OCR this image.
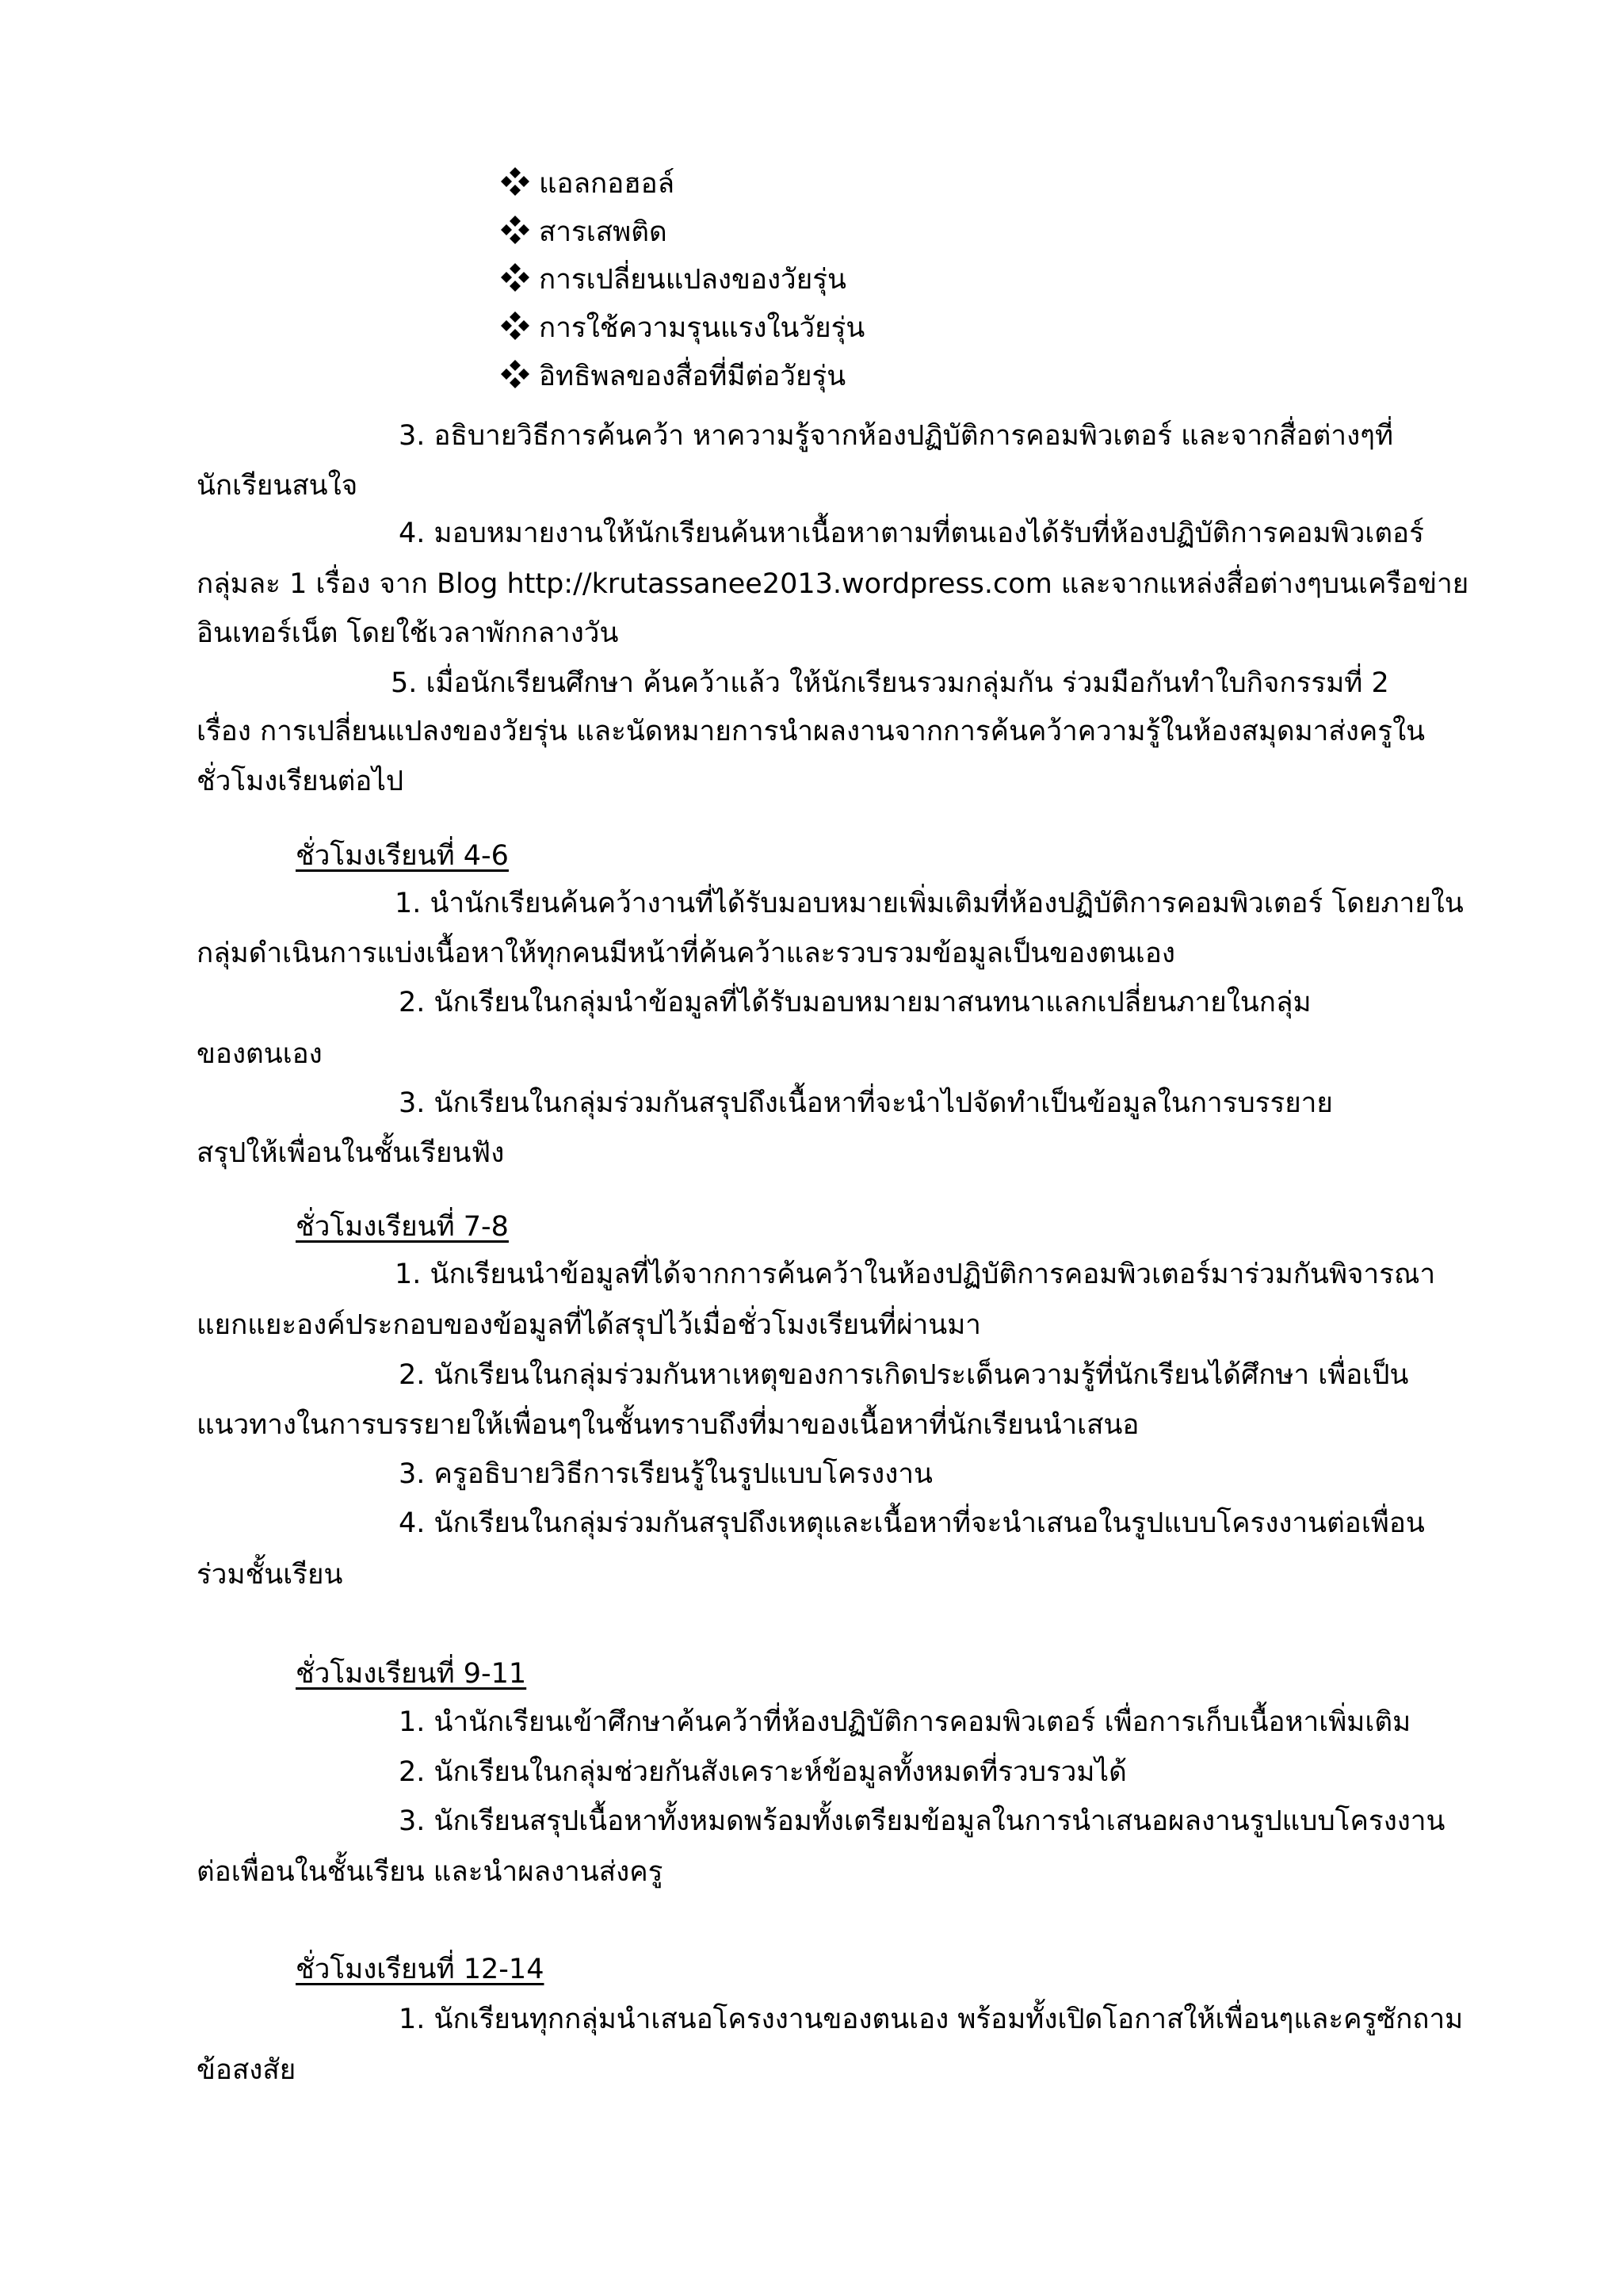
แอลกอฮอล์
สารเสพติด
การเปลี่ยนแปลงของวัยรุ่น
การใช้ความรุนแรงในวัยรุ่น
อิทธิพลของสื่อที่มีต่อวัยรุ่น
3. อธิบายวิธีการค้นคว้า หาความรู้จากห้องปฏิบัติการคอมพิวเตอร์ และจากสื่อต่างๆที่
นักเรียนสนใจ
4. มอบหมายงานให้นักเรียนค้นหาเนื้อหาตามที่ตนเองได้รับที่ห้องปฏิบัติการคอมพิวเตอร์
กลุ่มละ 1 เรื่อง จาก Blog http://krutassanee2013.wordpress.com และจากแหล่งสื่อต่างๆบนเครือข่าย
อินเทอร์เน็ต โดยใช้เวลาพักกลางวัน
5. เมื่อนักเรียนศึกษา ค้นคว้าแล้ว ให้นักเรียนรวมกลุ่มกัน ร่วมมือกันทำใบกิจกรรมที่ 2
เรื่อง การเปลี่ยนแปลงของวัยรุ่น และนัดหมายการนำผลงานจากการค้นคว้าความรู้ในห้องสมุดมาส่งครูใน
ชั่วโมงเรียนต่อไป
ชั่วโมงเรียนที่ 4-6
1. นำนักเรียนค้นคว้างานที่ได้รับมอบหมายเพิ่มเติมที่ห้องปฏิบัติการคอมพิวเตอร์ โดยภายใน
กลุ่มดำเนินการแบ่งเนื้อหาให้ทุกคนมีหน้าที่ค้นคว้าและรวบรวมข้อมูลเป็นของตนเอง
2. นักเรียนในกลุ่มนำข้อมูลที่ได้รับมอบหมายมาสนทนาแลกเปลี่ยนภายในกลุ่ม
ของตนเอง
3. นักเรียนในกลุ่มร่วมกันสรุปถึงเนื้อหาที่จะนำไปจัดทำเป็นข้อมูลในการบรรยาย
สรุปให้เพื่อนในชั้นเรียนฟัง
ชั่วโมงเรียนที่ 7-8
1. นักเรียนนำข้อมูลที่ได้จากการค้นคว้าในห้องปฏิบัติการคอมพิวเตอร์มาร่วมกันพิจารณา
แยกแยะองค์ประกอบของข้อมูลที่ได้สรุปไว้เมื่อชั่วโมงเรียนที่ผ่านมา
2. นักเรียนในกลุ่มร่วมกันหาเหตุของการเกิดประเด็นความรู้ที่นักเรียนได้ศึกษา เพื่อเป็น
แนวทางในการบรรยายให้เพื่อนๆในชั้นทราบถึงที่มาของเนื้อหาที่นักเรียนนำเสนอ
3. ครูอธิบายวิธีการเรียนรู้ในรูปแบบโครงงาน
4. นักเรียนในกลุ่มร่วมกันสรุปถึงเหตุและเนื้อหาที่จะนำเสนอในรูปแบบโครงงานต่อเพื่อน
ร่วมชั้นเรียน
ชั่วโมงเรียนที่ 9-11
1. นำนักเรียนเข้าศึกษาค้นคว้าที่ห้องปฏิบัติการคอมพิวเตอร์ เพื่อการเก็บเนื้อหาเพิ่มเติม
2. นักเรียนในกลุ่มช่วยกันสังเคราะห์ข้อมูลทั้งหมดที่รวบรวมได้
3. นักเรียนสรุปเนื้อหาทั้งหมดพร้อมทั้งเตรียมข้อมูลในการนำเสนอผลงานรูปแบบโครงงาน
ต่อเพื่อนในชั้นเรียน และนำผลงานส่งครู
ชั่วโมงเรียนที่ 12-14
1. นักเรียนทุกกลุ่มนำเสนอโครงงานของตนเอง พร้อมทั้งเปิดโอกาสให้เพื่อนๆและครูซักถาม
ข้อสงสัย
